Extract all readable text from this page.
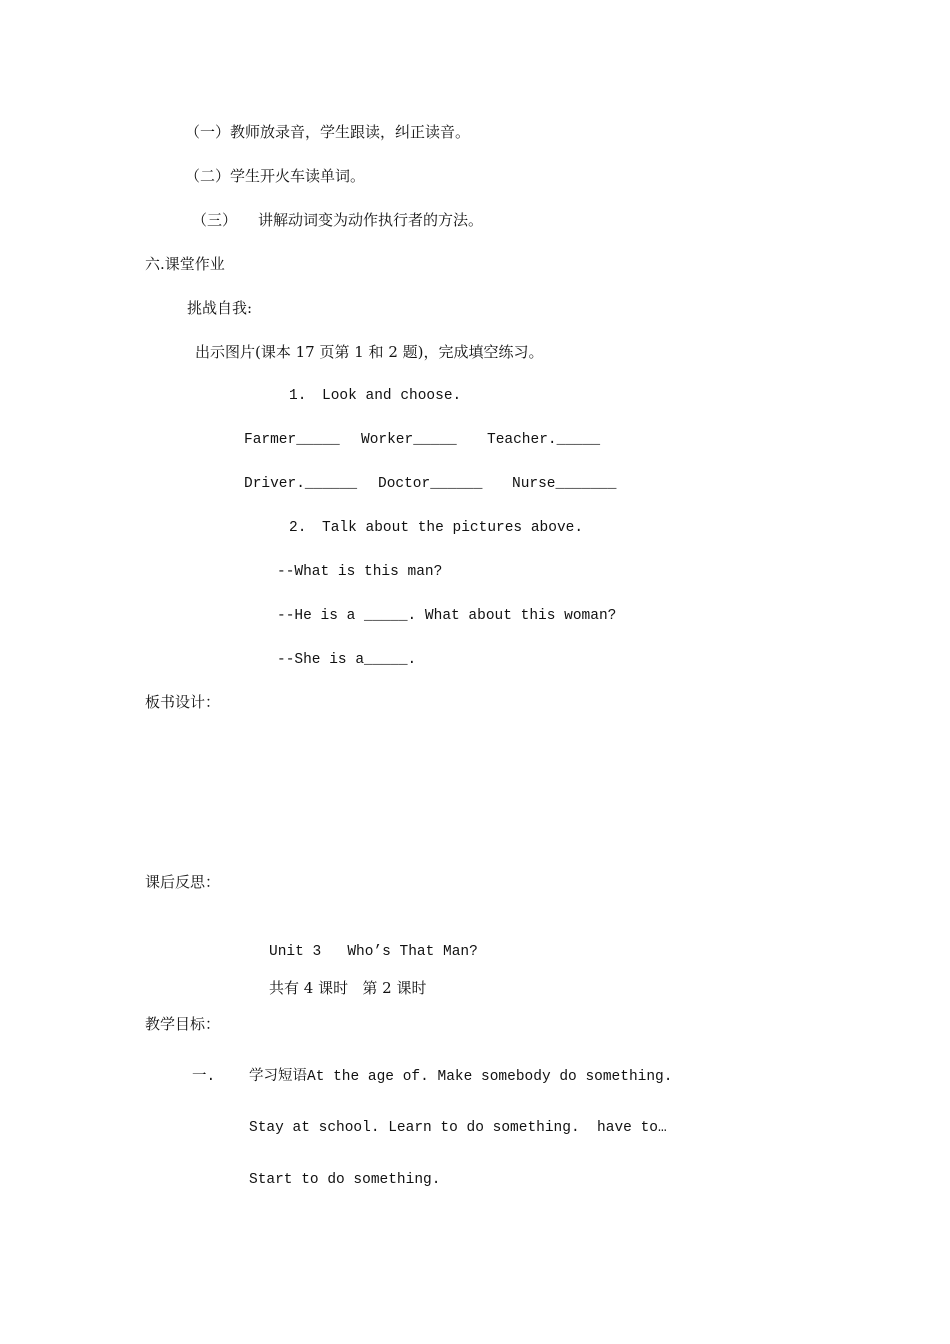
（一）教师放录音，学生跟读，纠正读音。
（二）学生开火车读单词。
（三） 讲解动词变为动作执行者的方法。
六.课堂作业
挑战自我:
出示图片(课本 17 页第 1 和 2 题)，完成填空练习。
1. Look and choose.
Farmer_____ Worker_____ Teacher._____
Driver.______ Doctor______ Nurse_______
2. Talk about the pictures above.
--What is this man?
--He is a _____. What about this woman?
--She is a_____.
板书设计：
课后反思：
Unit 3   Who’s That Man?
共有 4 课时   第 2 课时
教学目标：
一. 学习短语At the age of. Make somebody do something.
Stay at school. Learn to do something.  have to…
Start to do something.
